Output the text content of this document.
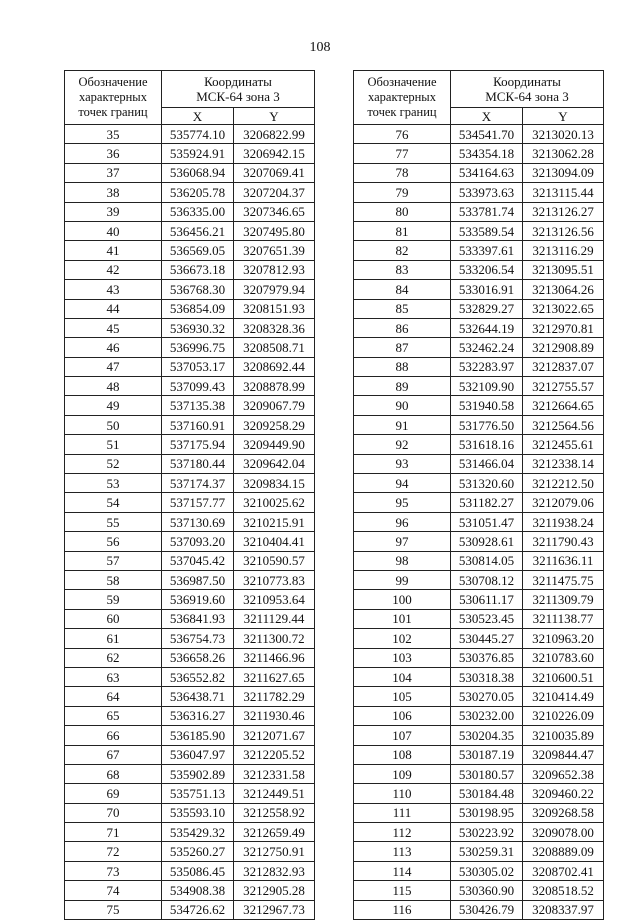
108
Обозначение
характерных
точек границ	Координаты
МСК-64 зона 3	
	X	Y
35	535774.10	3206822.99
36	535924.91	3206942.15
37	536068.94	3207069.41
38	536205.78	3207204.37
39	536335.00	3207346.65
40	536456.21	3207495.80
41	536569.05	3207651.39
42	536673.18	3207812.93
43	536768.30	3207979.94
44	536854.09	3208151.93
45	536930.32	3208328.36
46	536996.75	3208508.71
47	537053.17	3208692.44
48	537099.43	3208878.99
49	537135.38	3209067.79
50	537160.91	3209258.29
51	537175.94	3209449.90
52	537180.44	3209642.04
53	537174.37	3209834.15
54	537157.77	3210025.62
55	537130.69	3210215.91
56	537093.20	3210404.41
57	537045.42	3210590.57
58	536987.50	3210773.83
59	536919.60	3210953.64
60	536841.93	3211129.44
61	536754.73	3211300.72
62	536658.26	3211466.96
63	536552.82	3211627.65
64	536438.71	3211782.29
65	536316.27	3211930.46
66	536185.90	3212071.67
67	536047.97	3212205.52
68	535902.89	3212331.58
69	535751.13	3212449.51
70	535593.10	3212558.92
71	535429.32	3212659.49
72	535260.27	3212750.91
73	535086.45	3212832.93
74	534908.38	3212905.28
75	534726.62	3212967.73
Обозначение
характерных
точек границ	Координаты
МСК-64 зона 3	
	X	Y
76	534541.70	3213020.13
77	534354.18	3213062.28
78	534164.63	3213094.09
79	533973.63	3213115.44
80	533781.74	3213126.27
81	533589.54	3213126.56
82	533397.61	3213116.29
83	533206.54	3213095.51
84	533016.91	3213064.26
85	532829.27	3213022.65
86	532644.19	3212970.81
87	532462.24	3212908.89
88	532283.97	3212837.07
89	532109.90	3212755.57
90	531940.58	3212664.65
91	531776.50	3212564.56
92	531618.16	3212455.61
93	531466.04	3212338.14
94	531320.60	3212212.50
95	531182.27	3212079.06
96	531051.47	3211938.24
97	530928.61	3211790.43
98	530814.05	3211636.11
99	530708.12	3211475.75
100	530611.17	3211309.79
101	530523.45	3211138.77
102	530445.27	3210963.20
103	530376.85	3210783.60
104	530318.38	3210600.51
105	530270.05	3210414.49
106	530232.00	3210226.09
107	530204.35	3210035.89
108	530187.19	3209844.47
109	530180.57	3209652.38
110	530184.48	3209460.22
111	530198.95	3209268.58
112	530223.92	3209078.00
113	530259.31	3208889.09
114	530305.02	3208702.41
115	530360.90	3208518.52
116	530426.79	3208337.97
